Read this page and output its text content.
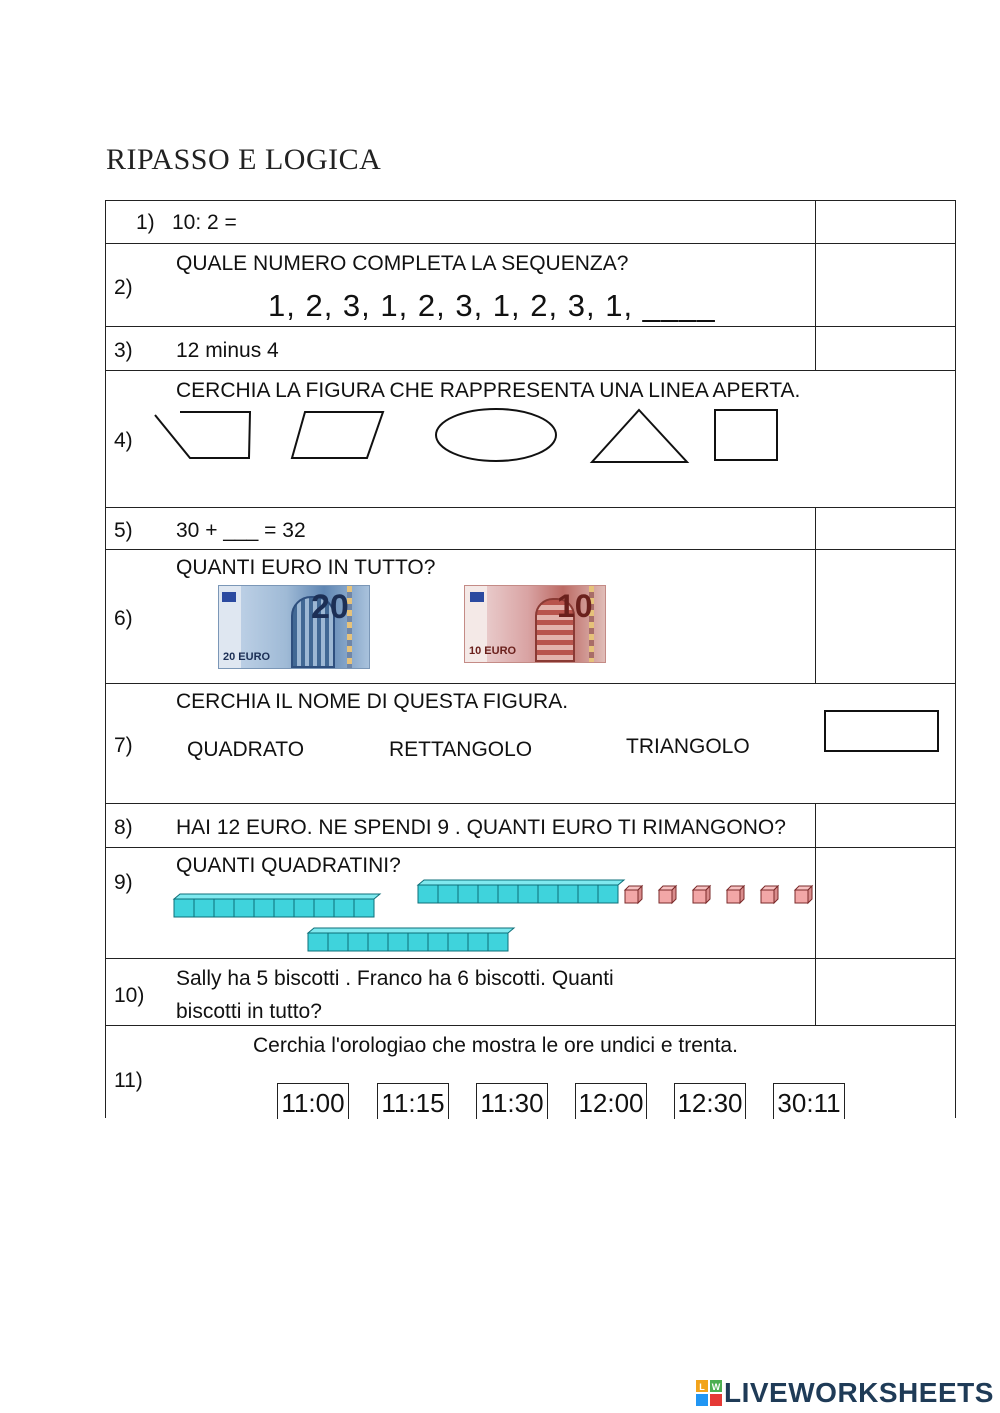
RIPASSO E LOGICA
1) 10: 2 =
2)
QUALE NUMERO COMPLETA LA SEQUENZA?
1, 2, 3, 1, 2, 3, 1, 2, 3, 1, ____
3) 12 minus 4
4)
CERCHIA LA FIGURA CHE RAPPRESENTA UNA LINEA APERTA.
5) 30 + ___ = 32
6)
QUANTI EURO IN TUTTO?
20
20 EURO
10
10 EURO
7)
CERCHIA IL NOME DI QUESTA FIGURA.
QUADRATO	RETTANGOLO	TRIANGOLO
8) HAI 12 EURO. NE SPENDI 9 . QUANTI EURO TI RIMANGONO?
9)
QUANTI QUADRATINI?
10)
Sally ha 5 biscotti . Franco ha 6 biscotti. Quanti
biscotti in tutto?
11)
Cerchia l'orologiao che mostra le ore undici e trenta.
11:00 11:15 11:30 12:00 12:30 30:11
L W LIVEWORKSHEETS
